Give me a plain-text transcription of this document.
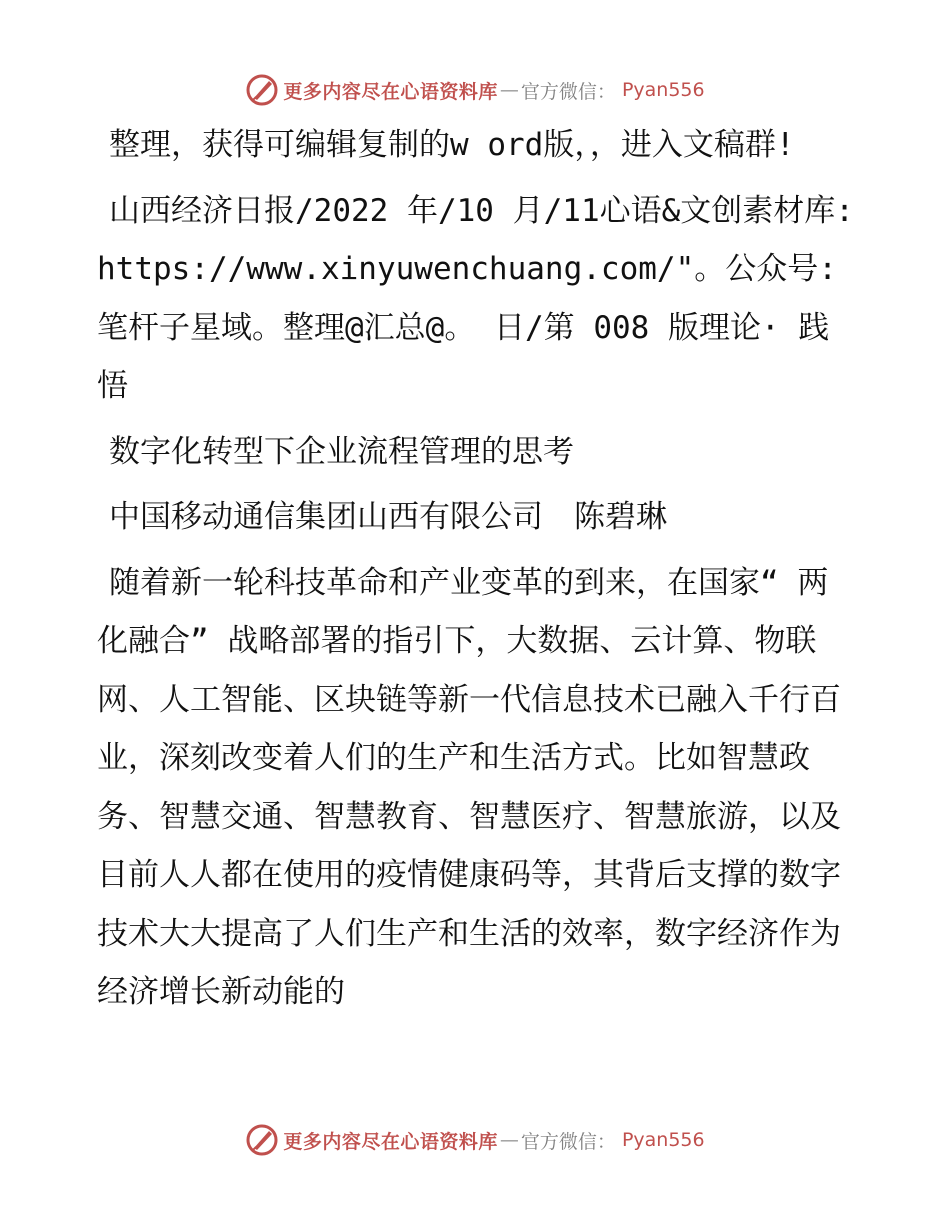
更多内容尽在心语资料库 — 官方微信： Pyan556

整理，获得可编辑复制的w ord版，，进入文稿群!

山西经济日报/2022 年/10 月/11心语&文创素材库: https://www.xinyuwenchuang.com/"。公众号: 笔杆子星域。整理@汇总@。 日/第 008 版理论· 践悟

数字化转型下企业流程管理的思考

中国移动通信集团山西有限公司　陈碧琳

随着新一轮科技革命和产业变革的到来，在国家“ 两化融合” 战略部署的指引下，大数据、云计算、物联网、人工智能、区块链等新一代信息技术已融入千行百业，深刻改变着人们的生产和生活方式。比如智慧政务、智慧交通、智慧教育、智慧医疗、智慧旅游，以及目前人人都在使用的疫情健康码等，其背后支撑的数字技术大大提高了人们生产和生活的效率，数字经济作为经济增长新动能的

更多内容尽在心语资料库 — 官方微信： Pyan556
